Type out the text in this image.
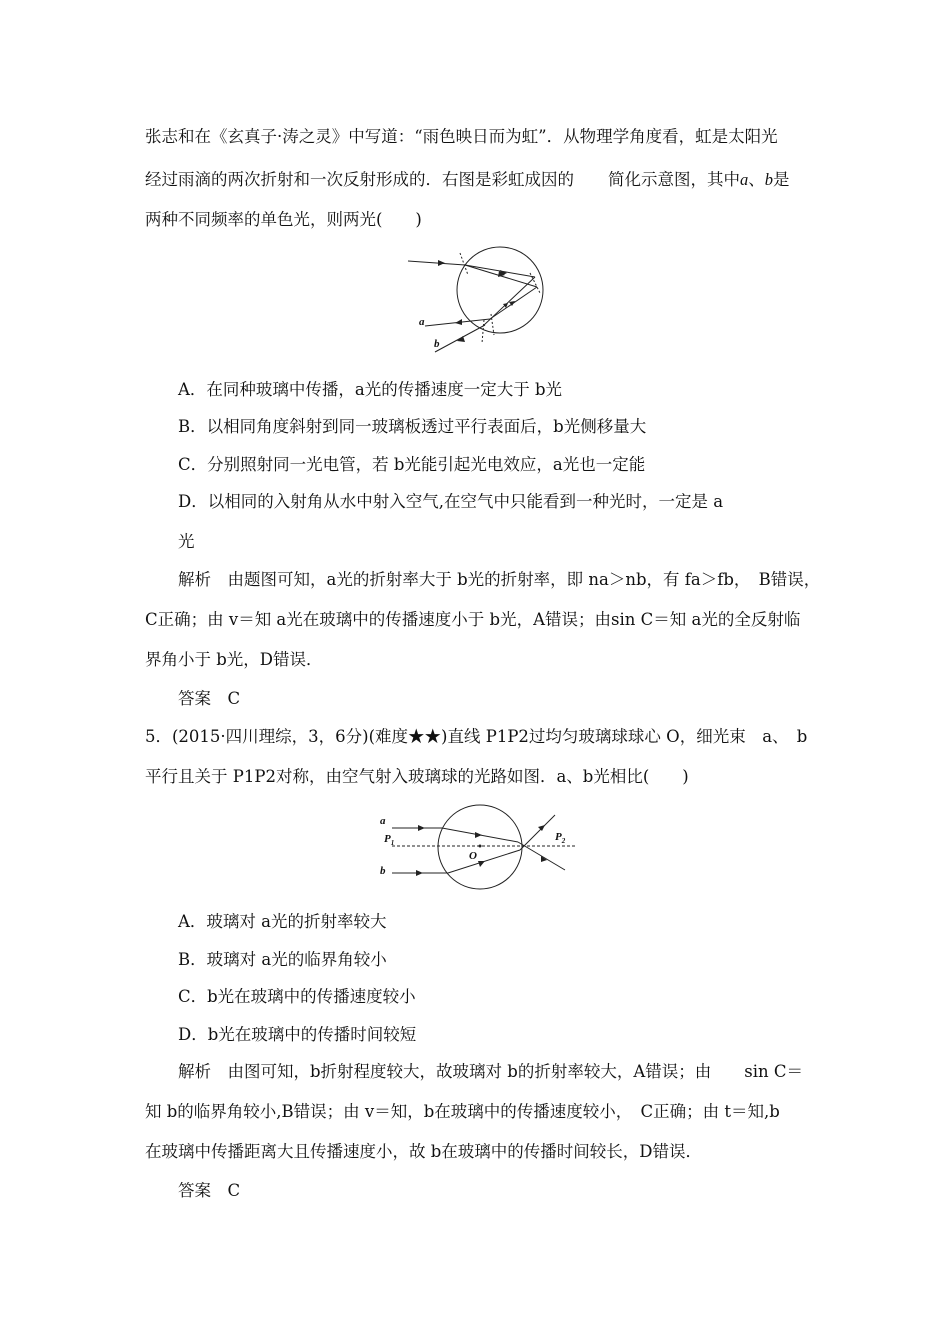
张志和在《玄真子·涛之灵》中写道：“雨色映日而为虹”．从物理学角度看，虹是太阳光
经过雨滴的两次折射和一次反射形成的．右图是彩虹成因的 简化示意图，其中a、b是
两种不同频率的单色光，则两光(　　)
a
b
A．在同种玻璃中传播，a光的传播速度一定大于 b光
B．以相同角度斜射到同一玻璃板透过平行表面后，b光侧移量大
C．分别照射同一光电管，若 b光能引起光电效应，a光也一定能
D．以相同的入射角从水中射入空气,在空气中只能看到一种光时，一定是 a
光
解析　由题图可知，a光的折射率大于 b光的折射率，即 na＞nb，有 fa＞fb，　B错误，
C正确；由 v＝知 a光在玻璃中的传播速度小于 b光，A错误；由sin C＝知 a光的全反射临
界角小于 b光，D错误．
答案　C
5．(2015·四川理综，3，6分)(难度★★)直线 P1P2过均匀玻璃球球心 O，细光束　a、　b
平行且关于 P1P2对称，由空气射入玻璃球的光路如图．a、b光相比(　　)
a
$P_1$
O
$P_2$
b
A．玻璃对 a光的折射率较大
B．玻璃对 a光的临界角较小
C．b光在玻璃中的传播速度较小
D．b光在玻璃中的传播时间较短
解析　由图可知，b折射程度较大，故玻璃对 b的折射率较大，A错误；由　　sin C＝
知 b的临界角较小,B错误；由 v＝知，b在玻璃中的传播速度较小，　C正确；由 t＝知,b
在玻璃中传播距离大且传播速度小，故 b在玻璃中的传播时间较长，D错误．
答案　C
